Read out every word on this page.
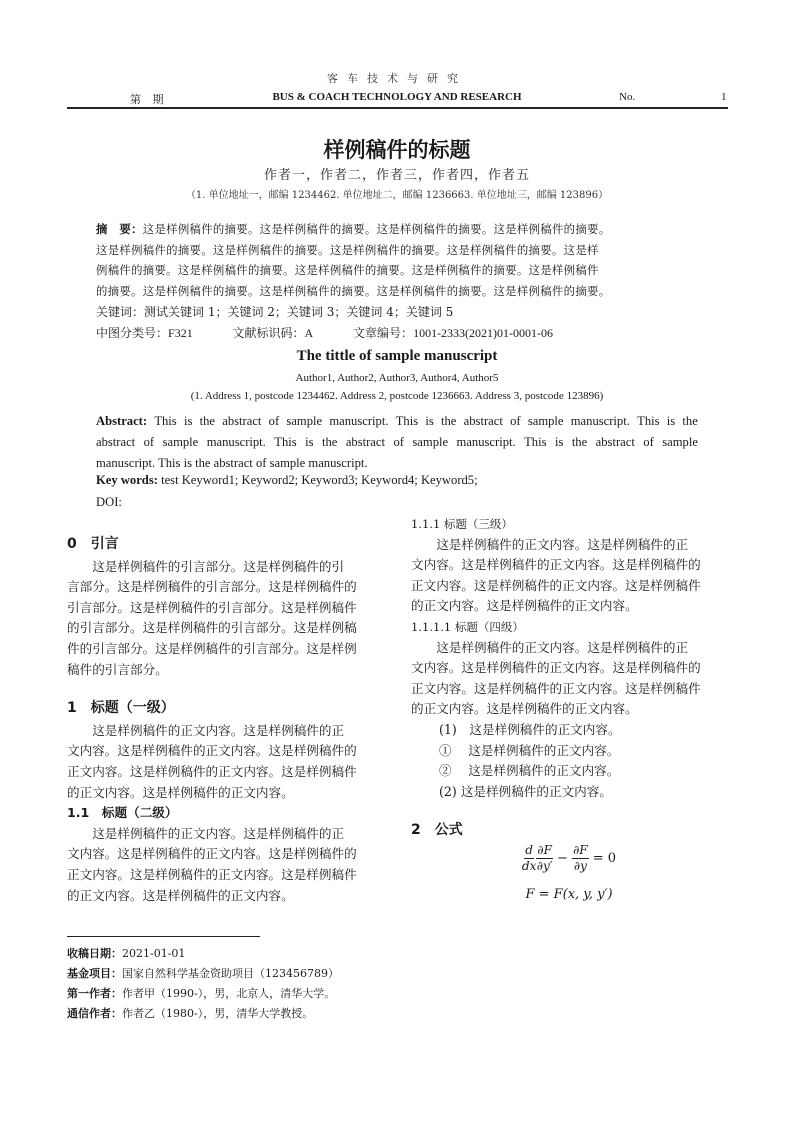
客车技术与研究
第 期	BUS & COACH TECHNOLOGY AND RESEARCH	No.	1
样例稿件的标题
作者一，作者二，作者三，作者四，作者五
（1. 单位地址一，邮编 1234462. 单位地址二，邮编 1236663. 单位地址三，邮编 123896）
摘　要：这是样例稿件的摘要。这是样例稿件的摘要。这是样例稿件的摘要。这是样例稿件的摘要。
这是样例稿件的摘要。这是样例稿件的摘要。这是样例稿件的摘要。这是样例稿件的摘要。这是样
例稿件的摘要。这是样例稿件的摘要。这是样例稿件的摘要。这是样例稿件的摘要。这是样例稿件
的摘要。这是样例稿件的摘要。这是样例稿件的摘要。这是样例稿件的摘要。这是样例稿件的摘要。
关键词：测试关键词 1；关键词 2；关键词 3；关键词 4；关键词 5
中图分类号：F321	文献标识码：A	文章编号：1001-2333(2021)01-0001-06
The tittle of sample manuscript
Author1, Author2, Author3, Author4, Author5
(1. Address 1, postcode 1234462. Address 2, postcode 1236663. Address 3, postcode 123896)
Abstract: This is the abstract of sample manuscript. This is the abstract of sample manuscript. This is the
abstract of sample manuscript. This is the abstract of sample manuscript. This is the abstract of sample
manuscript. This is the abstract of sample manuscript.
Key words: test Keyword1; Keyword2; Keyword3; Keyword4; Keyword5;
DOI:
0　 引言
　　这是样例稿件的引言部分。这是样例稿件的引
言部分。这是样例稿件的引言部分。这是样例稿件的
引言部分。这是样例稿件的引言部分。这是样例稿件
的引言部分。这是样例稿件的引言部分。这是样例稿
件的引言部分。这是样例稿件的引言部分。这是样例
稿件的引言部分。
1　 标题（一级）
　　这是样例稿件的正文内容。这是样例稿件的正
文内容。这是样例稿件的正文内容。这是样例稿件的
正文内容。这是样例稿件的正文内容。这是样例稿件
的正文内容。这是样例稿件的正文内容。
1.1　 标题（二级）
　　这是样例稿件的正文内容。这是样例稿件的正
文内容。这是样例稿件的正文内容。这是样例稿件的
正文内容。这是样例稿件的正文内容。这是样例稿件
的正文内容。这是样例稿件的正文内容。
1.1.1 标题（三级）
　　这是样例稿件的正文内容。这是样例稿件的正
文内容。这是样例稿件的正文内容。这是样例稿件的
正文内容。这是样例稿件的正文内容。这是样例稿件
的正文内容。这是样例稿件的正文内容。
1.1.1.1 标题（四级）
　　这是样例稿件的正文内容。这是样例稿件的正
文内容。这是样例稿件的正文内容。这是样例稿件的
正文内容。这是样例稿件的正文内容。这是样例稿件
的正文内容。这是样例稿件的正文内容。
(1)　这是样例稿件的正文内容。
①　 这是样例稿件的正文内容。
②　 这是样例稿件的正文内容。
(2) 这是样例稿件的正文内容。
2　 公式
$\frac{d}{dx} \frac{\partial F}{\partial y'} - \frac{\partial F}{\partial y} = 0$
F = F(x, y, y′)
收稿日期：2021-01-01
基金项目：国家自然科学基金资助项目（123456789）
第一作者：作者甲（1990-），男，北京人，清华大学。
通信作者：作者乙（1980-），男，清华大学教授。
